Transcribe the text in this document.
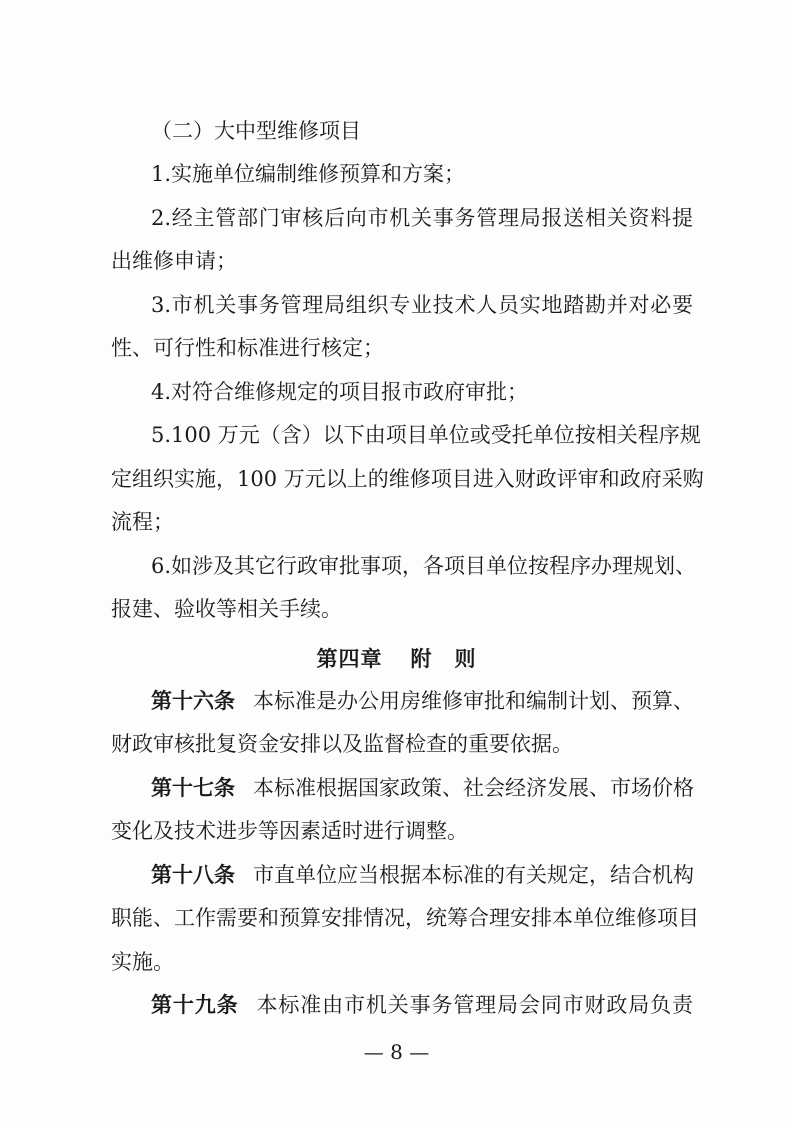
（二）大中型维修项目
1.实施单位编制维修预算和方案；
2.经主管部门审核后向市机关事务管理局报送相关资料提
出维修申请；
3.市机关事务管理局组织专业技术人员实地踏勘并对必要
性、可行性和标准进行核定；
4.对符合维修规定的项目报市政府审批；
5.100 万元（含）以下由项目单位或受托单位按相关程序规
定组织实施，100 万元以上的维修项目进入财政评审和政府采购
流程；
6.如涉及其它行政审批事项，各项目单位按程序办理规划、
报建、验收等相关手续。
第四章 附　则
第十六条 本标准是办公用房维修审批和编制计划、预算、
财政审核批复资金安排以及监督检查的重要依据。
第十七条 本标准根据国家政策、社会经济发展、市场价格
变化及技术进步等因素适时进行调整。
第十八条 市直单位应当根据本标准的有关规定，结合机构
职能、工作需要和预算安排情况，统筹合理安排本单位维修项目
实施。
第十九条 本标准由市机关事务管理局会同市财政局负责
— 8 —
